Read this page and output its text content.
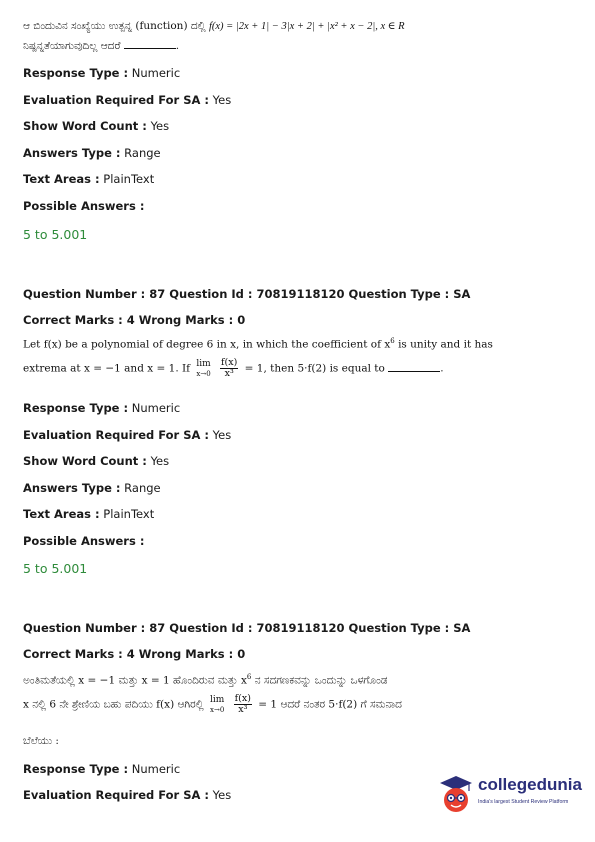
ಆ ಬಿಂದುವಿನ ಸಂಖ್ಯೆಯು ಉತ್ಪನ್ನ (function) ದಲ್ಲಿ f(x) = |2x + 1| − 3|x + 2| + |x² + x − 2|, x ∈ R
ನಿಷ್ಪನ್ನತೆಯಾಗುವುದಿಲ್ಲ ಆದರೆ	.
Response Type : Numeric
Evaluation Required For SA : Yes
Show Word Count : Yes
Answers Type : Range
Text Areas : PlainText
Possible Answers :
5 to 5.001
Question Number : 87 Question Id : 70819118120 Question Type : SA
Correct Marks : 4 Wrong Marks : 0
Let f(x) be a polynomial of degree 6 in x, in which the coefficient of $x^6$ is unity and it has
extrema at x = −1 and x = 1. If lim
x→0
$\frac{f(x)}{\text{x³}} = 1$, then 5·f(2) is equal to	.
Response Type : Numeric
Evaluation Required For SA : Yes
Show Word Count : Yes
Answers Type : Range
Text Areas : PlainText
Possible Answers :
5 to 5.001
Question Number : 87 Question Id : 70819118120 Question Type : SA
Correct Marks : 4 Wrong Marks : 0
ಅಂತಿಮತೆಯಲ್ಲಿ x = −1 ಮತ್ತು x = 1 ಹೊಂದಿರುವ ಮತ್ತು $x^6$ ನ ಸದಗಣಕವನ್ನು ಒಂದುನ್ನು ಒಳಗೊಂಡ
x ನಲ್ಲಿ 6 ನೇ ಶ್ರೇಣಿಯ ಬಹು ಪದಿಯು f(x) ಆಗಿರಲ್ಲಿ lim
x→0
$\frac{f(x)}{\text{x³}} = 1$ ಆದರೆ ನಂತರ 5·f(2) ಗೆ ಸಮನಾದ
ಬೆಲೆಯು :
Response Type : Numeric
Evaluation Required For SA : Yes
collegedunia
India's largest Student Review Platform
